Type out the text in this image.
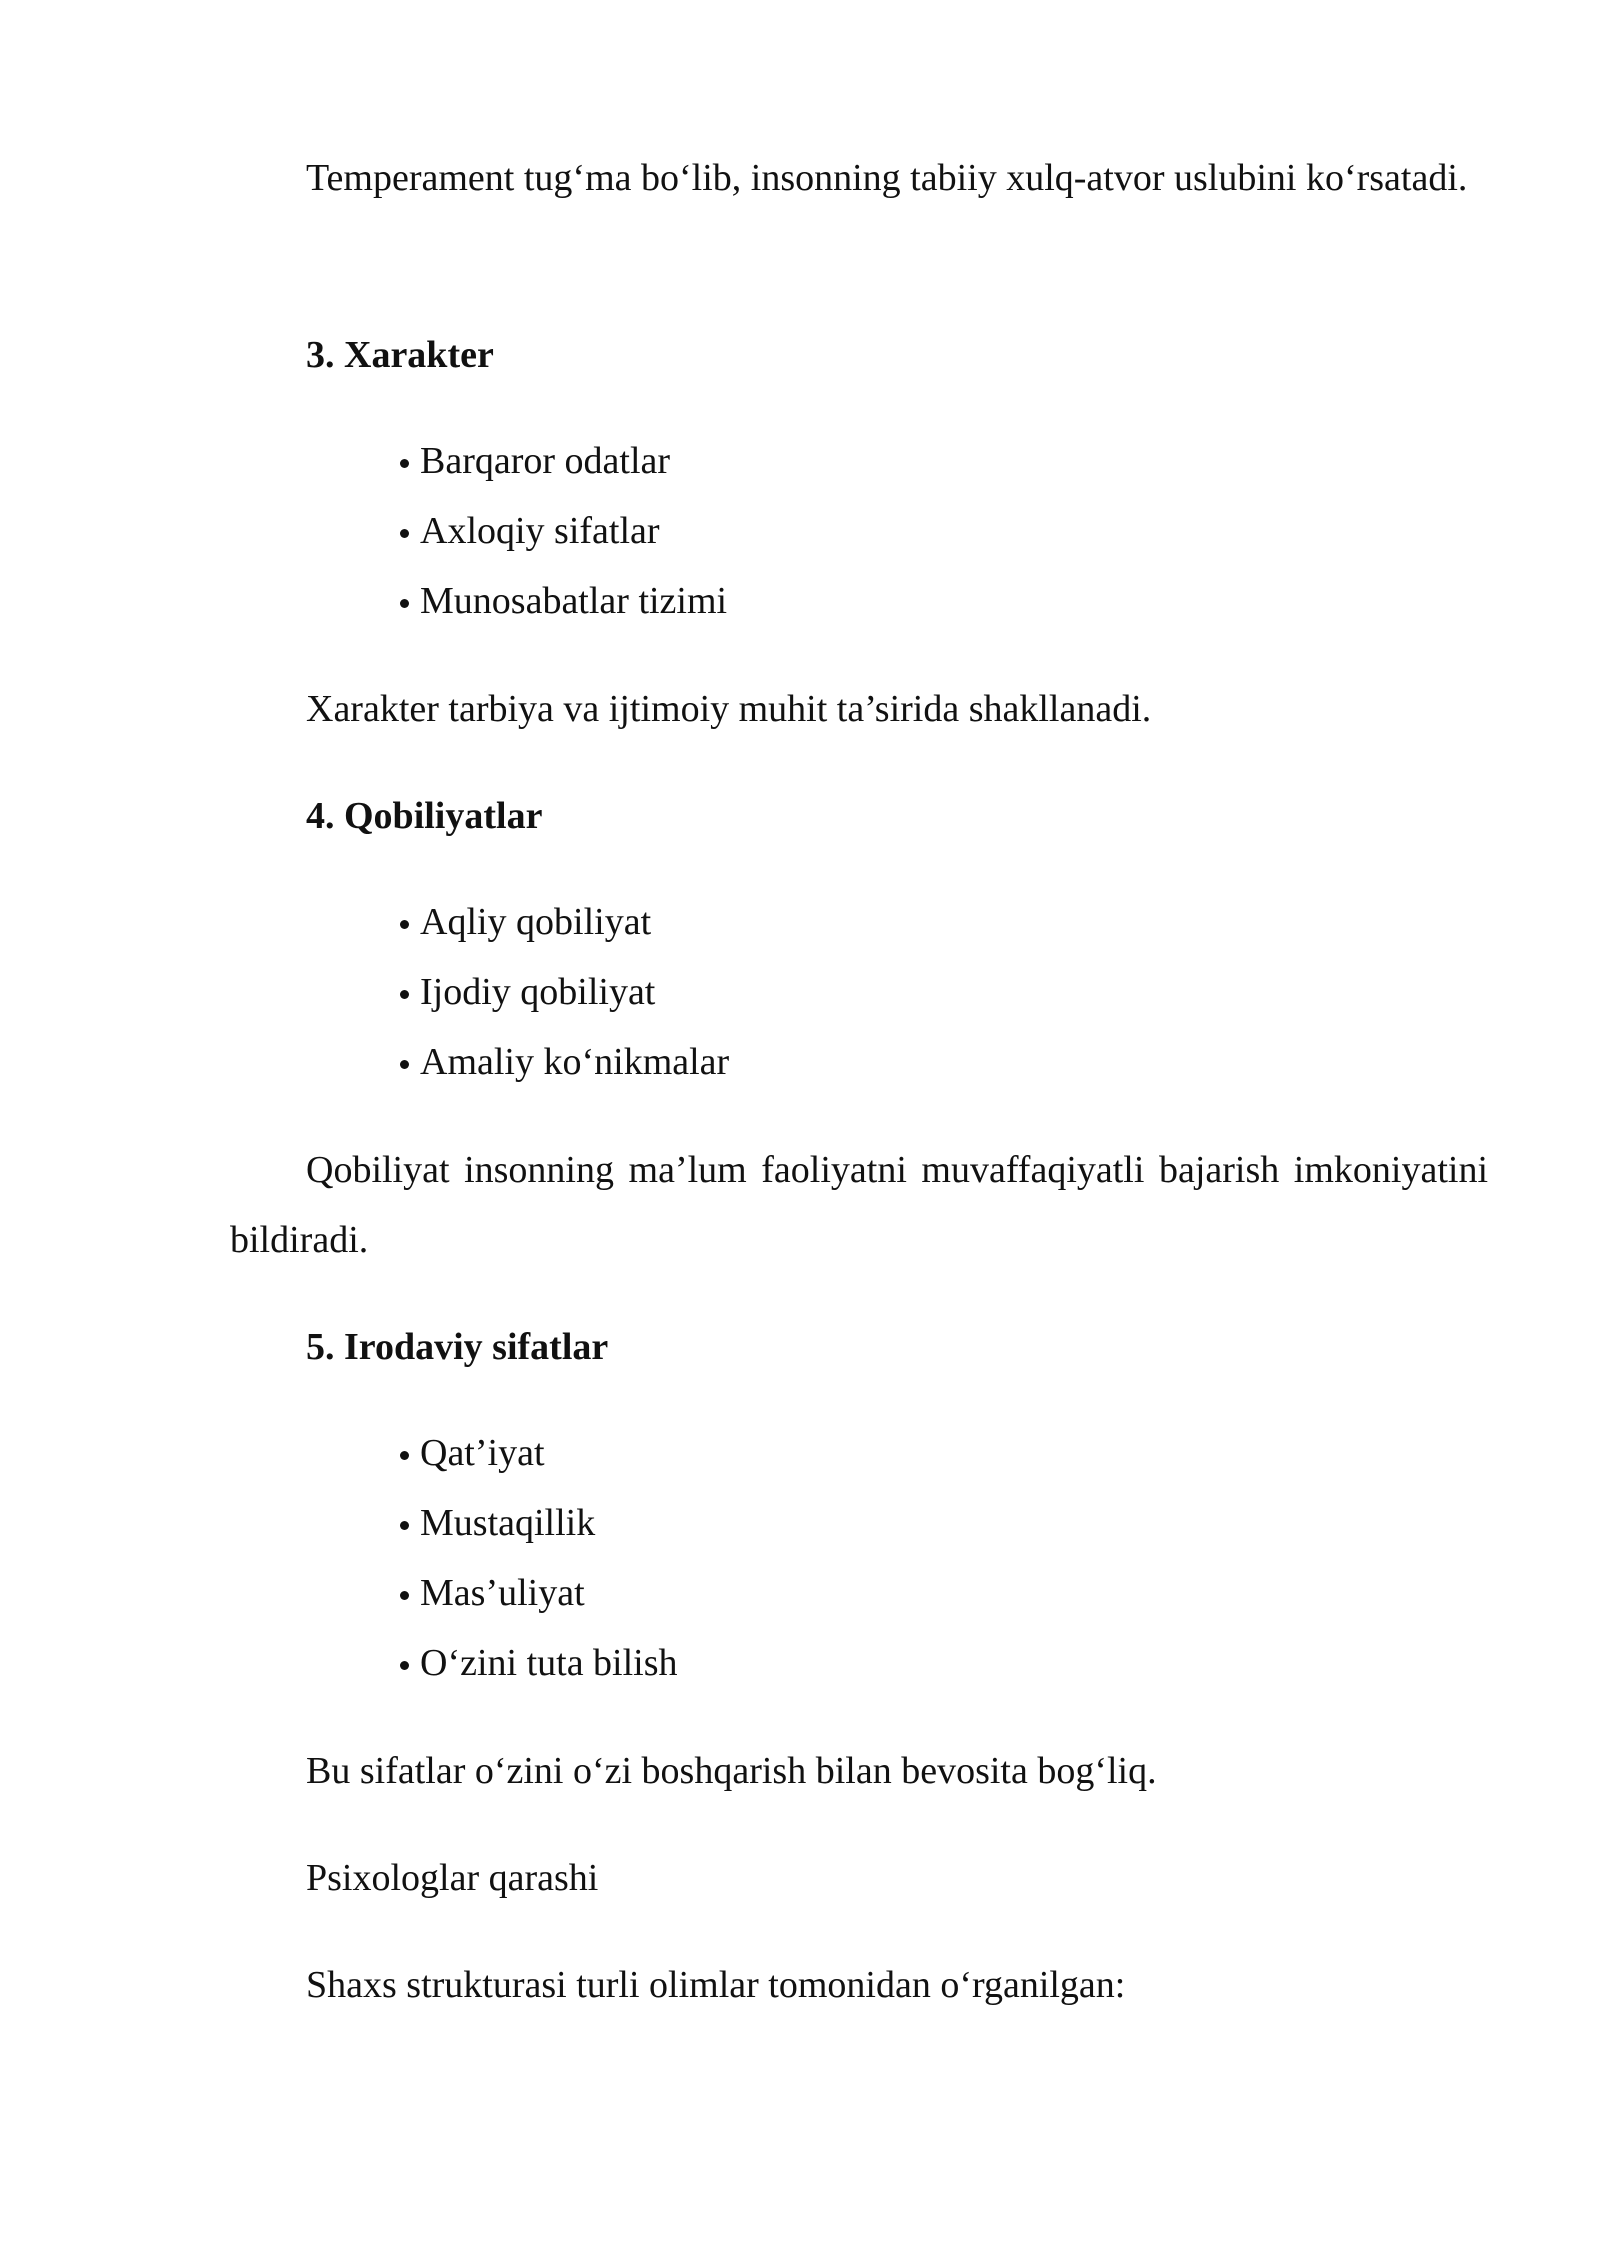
Temperament tug‘ma bo‘lib, insonning tabiiy xulq-atvor uslubini ko‘rsatadi.

3. Xarakter

Barqaror odatlar
Axloqiy sifatlar
Munosabatlar tizimi

Xarakter tarbiya va ijtimoiy muhit ta’sirida shakllanadi.

4. Qobiliyatlar

Aqliy qobiliyat
Ijodiy qobiliyat
Amaliy ko‘nikmalar

Qobiliyat insonning ma’lum faoliyatni muvaffaqiyatli bajarish imkoniyatini bildiradi.

5. Irodaviy sifatlar

Qat’iyat
Mustaqillik
Mas’uliyat
O‘zini tuta bilish

Bu sifatlar o‘zini o‘zi boshqarish bilan bevosita bog‘liq.

Psixologlar qarashi

Shaxs strukturasi turli olimlar tomonidan o‘rganilgan:
